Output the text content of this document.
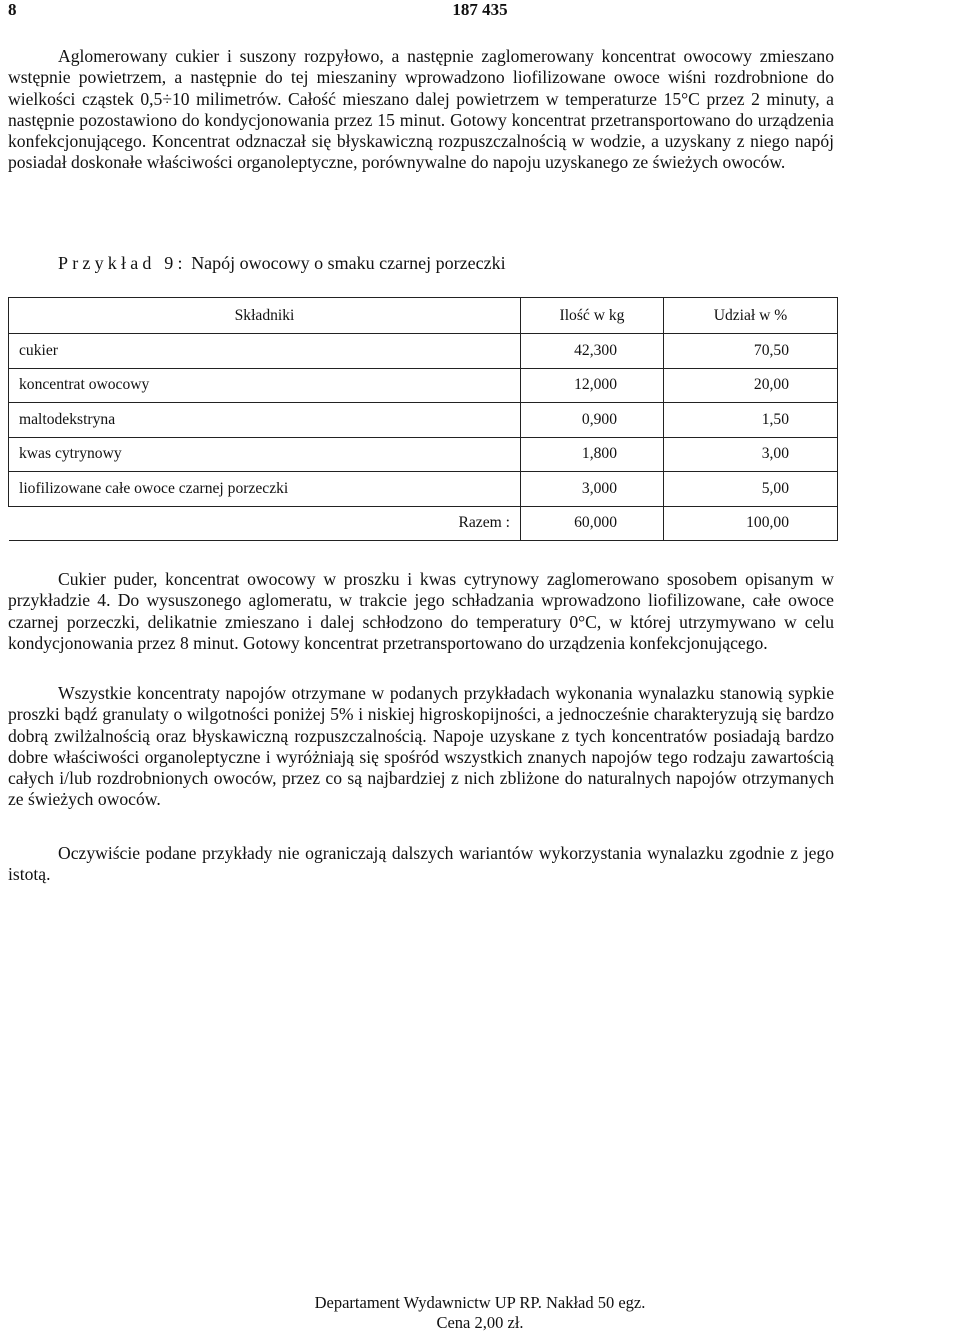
8	187 435

Aglomerowany cukier i suszony rozpyłowo, a następnie zaglomerowany koncentrat owocowy zmieszano wstępnie powietrzem, a następnie do tej mieszaniny wprowadzono liofilizowane owoce wiśni rozdrobnione do wielkości cząstek 0,5÷10 milimetrów. Całość mieszano dalej powietrzem w temperaturze 15°C przez 2 minuty, a następnie pozostawiono do kondycjonowania przez 15 minut. Gotowy koncentrat przetransportowano do urządzenia konfekcjonującego. Koncentrat odznaczał się błyskawiczną rozpuszczalnością w wodzie, a uzyskany z niego napój posiadał doskonałe właściwości organoleptyczne, porównywalne do napoju uzyskanego ze świeżych owoców.

Przykład 9: Napój owocowy o smaku czarnej porzeczki
Składniki	Ilość w kg	Udział w %
cukier	42,300	70,50
koncentrat owocowy	12,000	20,00
maltodekstryna	0,900	1,50
kwas cytrynowy	1,800	3,00
liofilizowane całe owoce czarnej porzeczki	3,000	5,00
Razem :	60,000	100,00

Cukier puder, koncentrat owocowy w proszku i kwas cytrynowy zaglomerowano sposobem opisanym w przykładzie 4. Do wysuszonego aglomeratu, w trakcie jego schładzania wprowadzono liofilizowane, całe owoce czarnej porzeczki, delikatnie zmieszano i dalej schłodzono do temperatury 0°C, w której utrzymywano w celu kondycjonowania przez 8 minut. Gotowy koncentrat przetransportowano do urządzenia konfekcjonującego.

Wszystkie koncentraty napojów otrzymane w podanych przykładach wykonania wynalazku stanowią sypkie proszki bądź granulaty o wilgotności poniżej 5% i niskiej higroskopijności, a jednocześnie charakteryzują się bardzo dobrą zwilżalnością oraz błyskawiczną rozpuszczalnością. Napoje uzyskane z tych koncentratów posiadają bardzo dobre właściwości organoleptyczne i wyróżniają się spośród wszystkich znanych napojów tego rodzaju zawartością całych i/lub rozdrobnionych owoców, przez co są najbardziej z nich zbliżone do naturalnych napojów otrzymanych ze świeżych owoców.

Oczywiście podane przykłady nie ograniczają dalszych wariantów wykorzystania wynalazku zgodnie z jego istotą.

Departament Wydawnictw UP RP. Nakład 50 egz.
Cena 2,00 zł.
